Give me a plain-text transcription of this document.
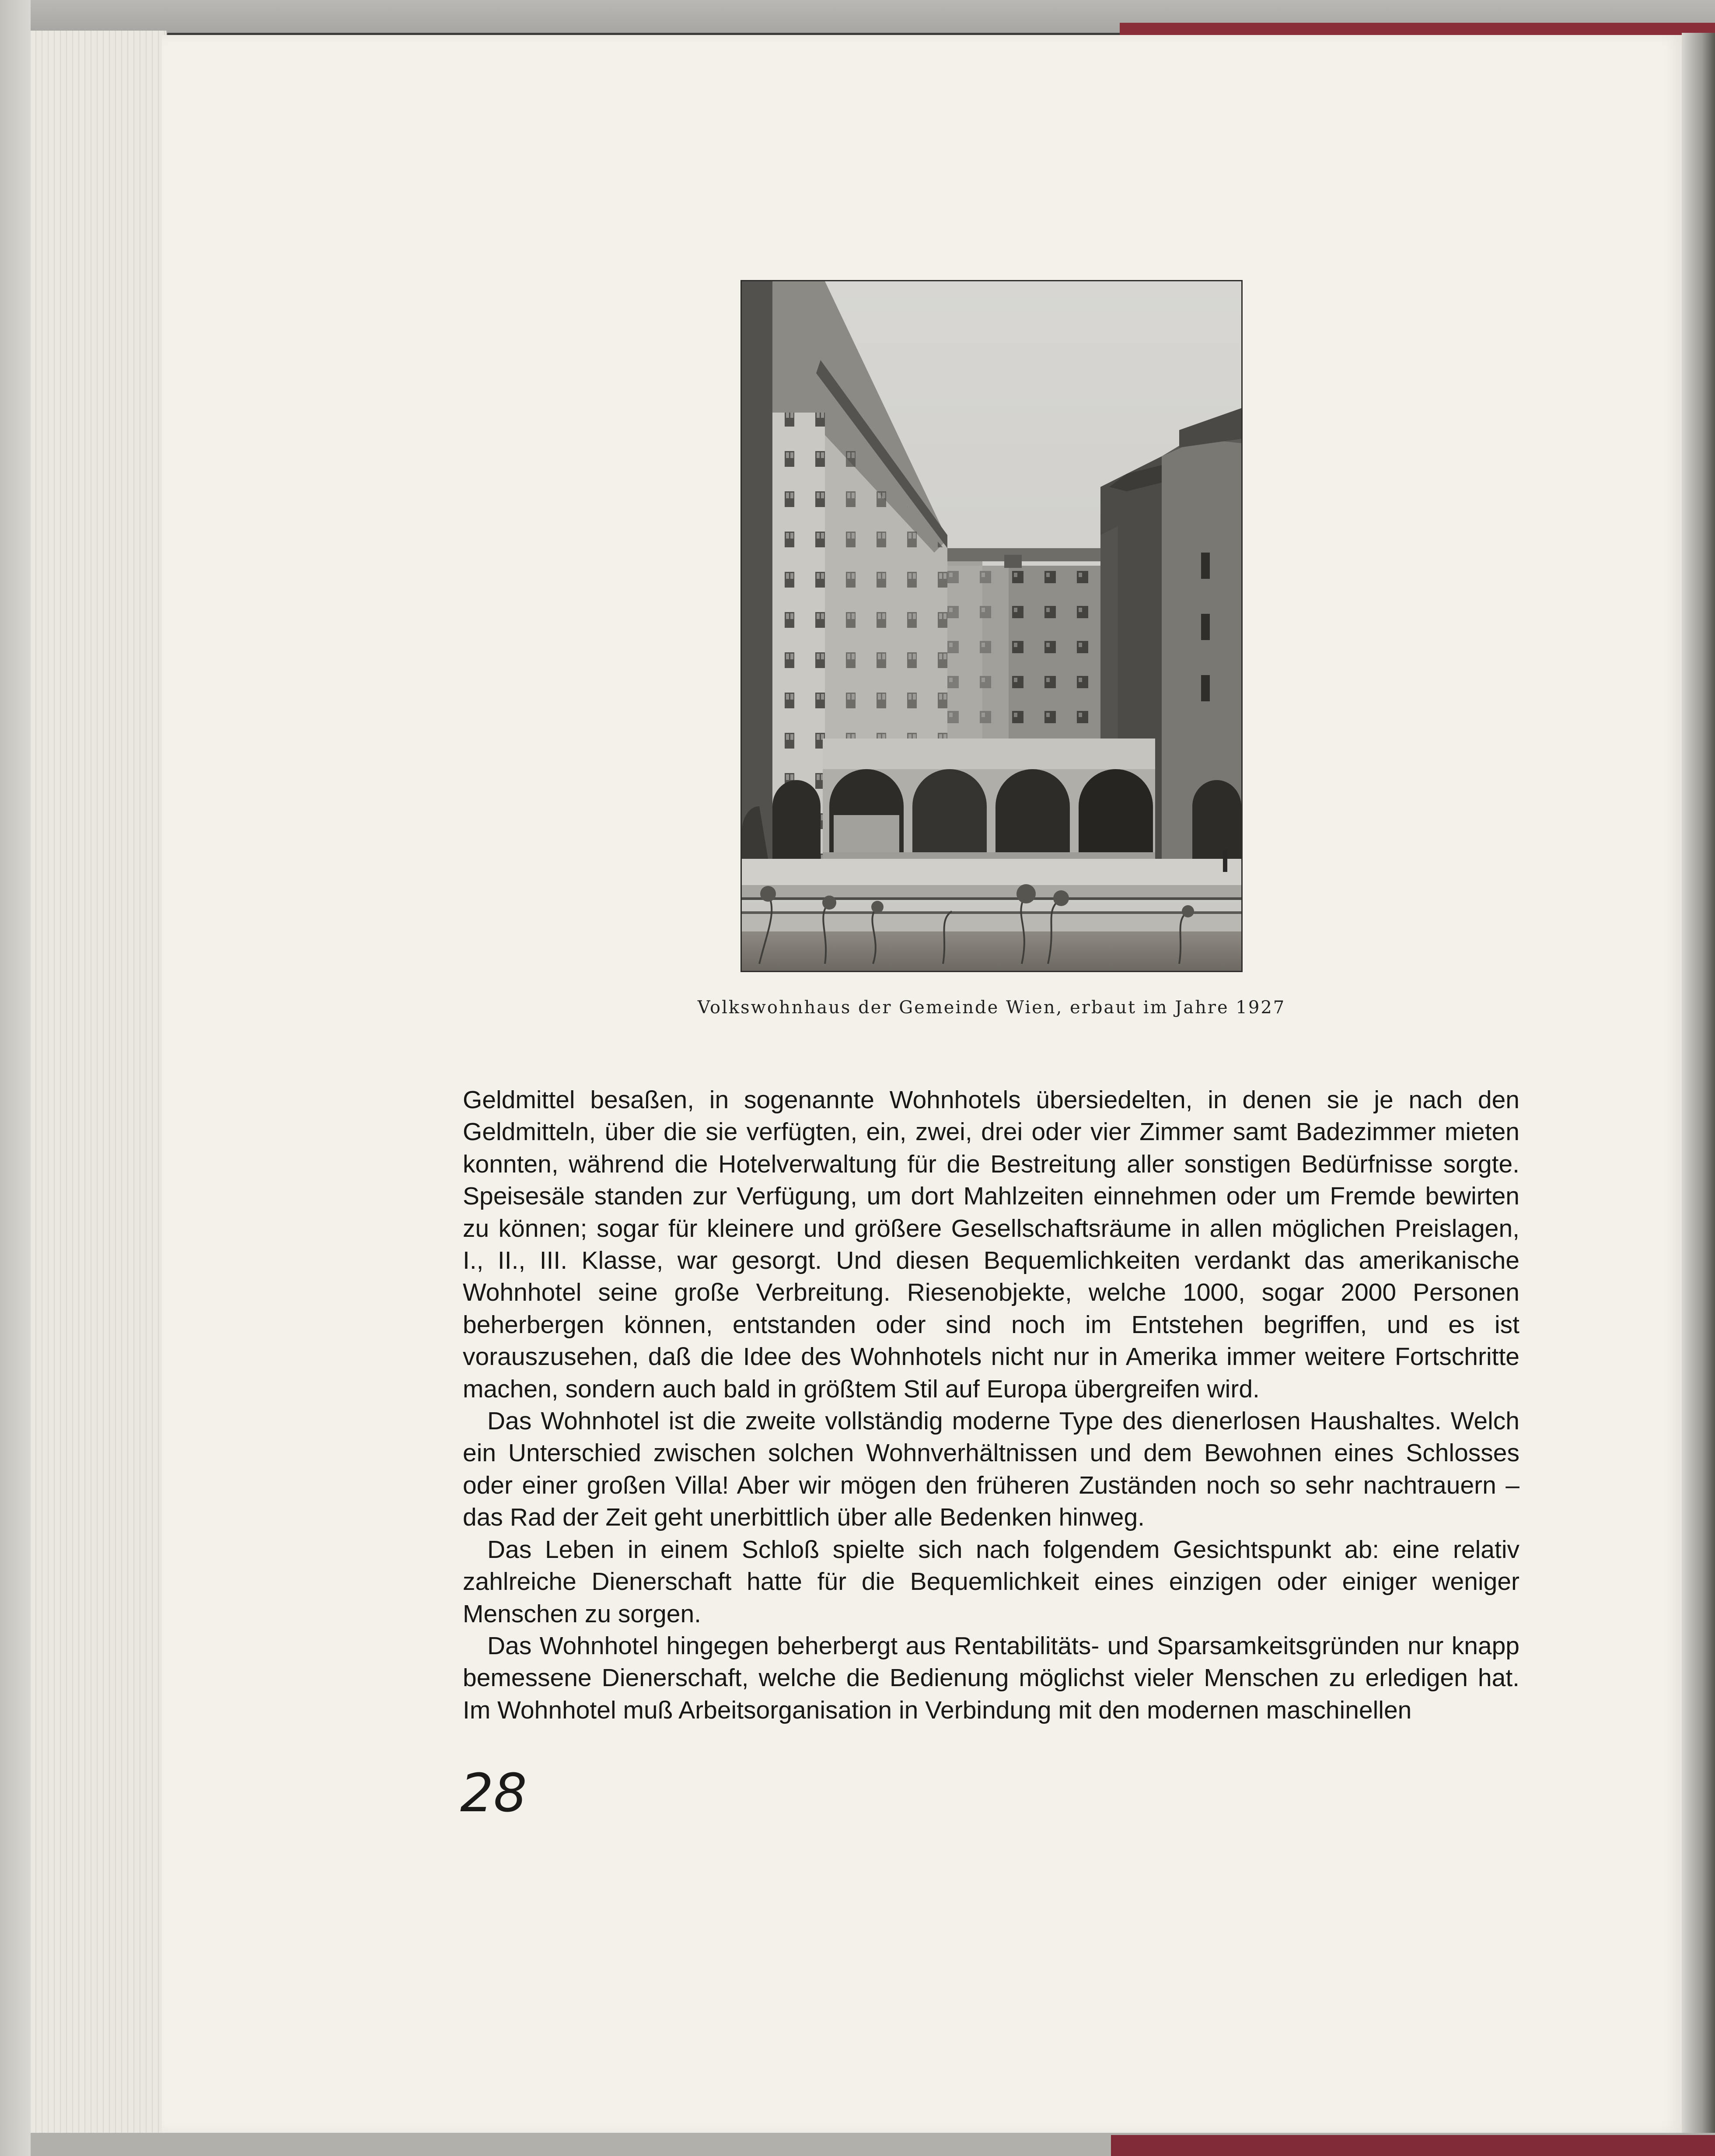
Volkswohnhaus der Gemeinde Wien, erbaut im Jahre 1927

Geldmittel besaßen, in sogenannte Wohnhotels übersiedelten, in denen sie je nach den Geldmitteln, über die sie verfügten, ein, zwei, drei oder vier Zimmer samt Badezimmer mieten konnten, während die Hotelverwaltung für die Bestreitung aller sonstigen Bedürfnisse sorgte. Speisesäle standen zur Verfügung, um dort Mahlzeiten einnehmen oder um Fremde bewirten zu können; sogar für kleinere und größere Gesellschaftsräume in allen möglichen Preislagen, I., II., III. Klasse, war gesorgt. Und diesen Bequemlichkeiten verdankt das amerikanische Wohnhotel seine große Verbreitung. Riesenobjekte, welche 1000, sogar 2000 Personen beherbergen können, entstanden oder sind noch im Entstehen begriffen, und es ist vorauszusehen, daß die Idee des Wohnhotels nicht nur in Amerika immer weitere Fortschritte machen, sondern auch bald in größtem Stil auf Europa übergreifen wird.

Das Wohnhotel ist die zweite vollständig moderne Type des dienerlosen Haushaltes. Welch ein Unterschied zwischen solchen Wohnverhältnissen und dem Bewohnen eines Schlosses oder einer großen Villa! Aber wir mögen den früheren Zuständen noch so sehr nachtrauern – das Rad der Zeit geht unerbittlich über alle Bedenken hinweg.

Das Leben in einem Schloß spielte sich nach folgendem Gesichtspunkt ab: eine relativ zahlreiche Dienerschaft hatte für die Bequemlichkeit eines einzigen oder einiger weniger Menschen zu sorgen.

Das Wohnhotel hingegen beherbergt aus Rentabilitäts- und Sparsamkeitsgründen nur knapp bemessene Dienerschaft, welche die Bedienung möglichst vieler Menschen zu erledigen hat. Im Wohnhotel muß Arbeitsorganisation in Verbindung mit den modernen maschinellen

28
